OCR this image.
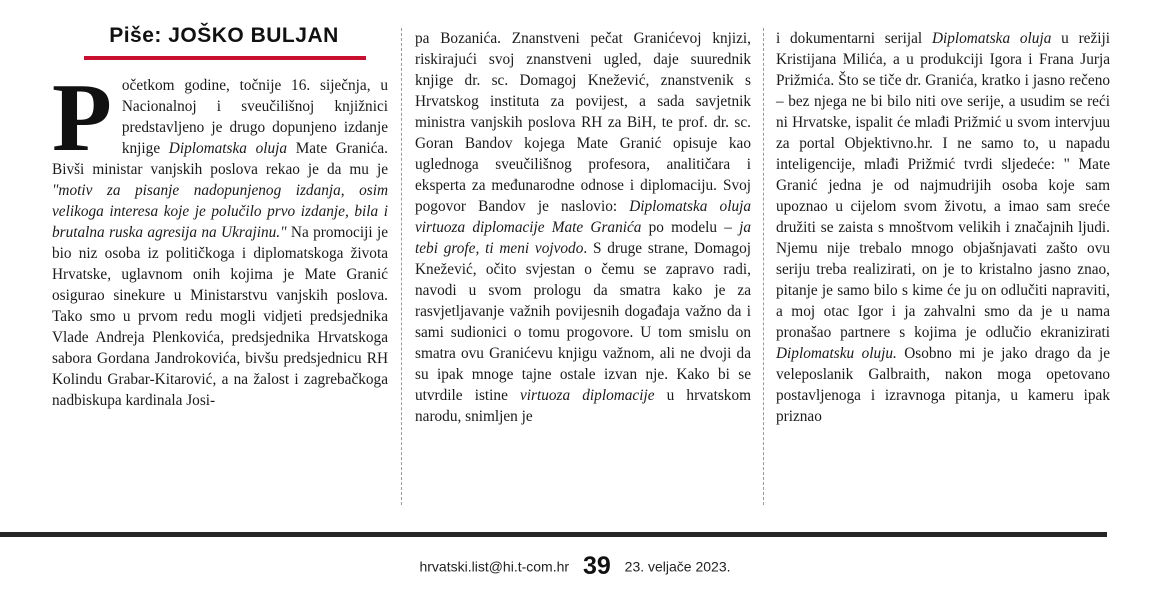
Piše: JOŠKO BULJAN

Početkom godine, točnije 16. siječnja, u Nacionalnoj i sveučilišnoj knjižnici predstavljeno je drugo dopunjeno izdanje knjige Diplomatska oluja Mate Granića. Bivši ministar vanjskih poslova rekao je da mu je "motiv za pisanje nadopunjenog izdanja, osim velikoga interesa koje je polučilo prvo izdanje, bila i brutalna ruska agresija na Ukrajinu." Na promociji je bio niz osoba iz političkoga i diplomatskoga života Hrvatske, uglavnom onih kojima je Mate Granić osigurao sinekure u Ministarstvu vanjskih poslova. Tako smo u prvom redu mogli vidjeti predsjednika Vlade Andreja Plenkovića, predsjednika Hrvatskoga sabora Gordana Jandrokovića, bivšu predsjednicu RH Kolindu Grabar-Kitarović, a na žalost i zagrebačkoga nadbiskupa kardinala Josi-

pa Bozanića. Znanstveni pečat Granićevoj knjizi, riskirajući svoj znanstveni ugled, daje suurednik knjige dr. sc. Domagoj Knežević, znanstvenik s Hrvatskog instituta za povijest, a sada savjetnik ministra vanjskih poslova RH za BiH, te prof. dr. sc. Goran Bandov kojega Mate Granić opisuje kao uglednoga sveučilišnog profesora, analitičara i eksperta za međunarodne odnose i diplomaciju. Svoj pogovor Bandov je naslovio: Diplomatska oluja virtuoza diplomacije Mate Granića po modelu – ja tebi grofe, ti meni vojvodo. S druge strane, Domagoj Knežević, očito svjestan o čemu se zapravo radi, navodi u svom prologu da smatra kako je za rasvjetljavanje važnih povijesnih događaja važno da i sami sudionici o tomu progovore. U tom smislu on smatra ovu Granićevu knjigu važnom, ali ne dvoji da su ipak mnoge tajne ostale izvan nje. Kako bi se utvrdile istine virtuoza diplomacije u hrvatskom narodu, snimljen je

i dokumentarni serijal Diplomatska oluja u režiji Kristijana Milića, a u produkciji Igora i Frana Jurja Prižmića. Što se tiče dr. Granića, kratko i jasno rečeno – bez njega ne bi bilo niti ove serije, a usudim se reći ni Hrvatske, ispalit će mlađi Prižmić u svom intervjuu za portal Objektivno.hr. I ne samo to, u napadu inteligencije, mlađi Prižmić tvrdi sljedeće: " Mate Granić jedna je od najmudrijih osoba koje sam upoznao u cijelom svom životu, a imao sam sreće družiti se zaista s mnoštvom velikih i značajnih ljudi. Njemu nije trebalo mnogo objašnjavati zašto ovu seriju treba realizirati, on je to kristalno jasno znao, pitanje je samo bilo s kime će ju on odlučiti napraviti, a moj otac Igor i ja zahvalni smo da je u nama pronašao partnere s kojima je odlučio ekranizirati Diplomatsku oluju. Osobno mi je jako drago da je veleposlanik Galbraith, nakon moga opetovano postavljenoga i izravnoga pitanja, u kameru ipak priznao

hrvatski.list@hi.t-com.hr 39 23. veljače 2023.
